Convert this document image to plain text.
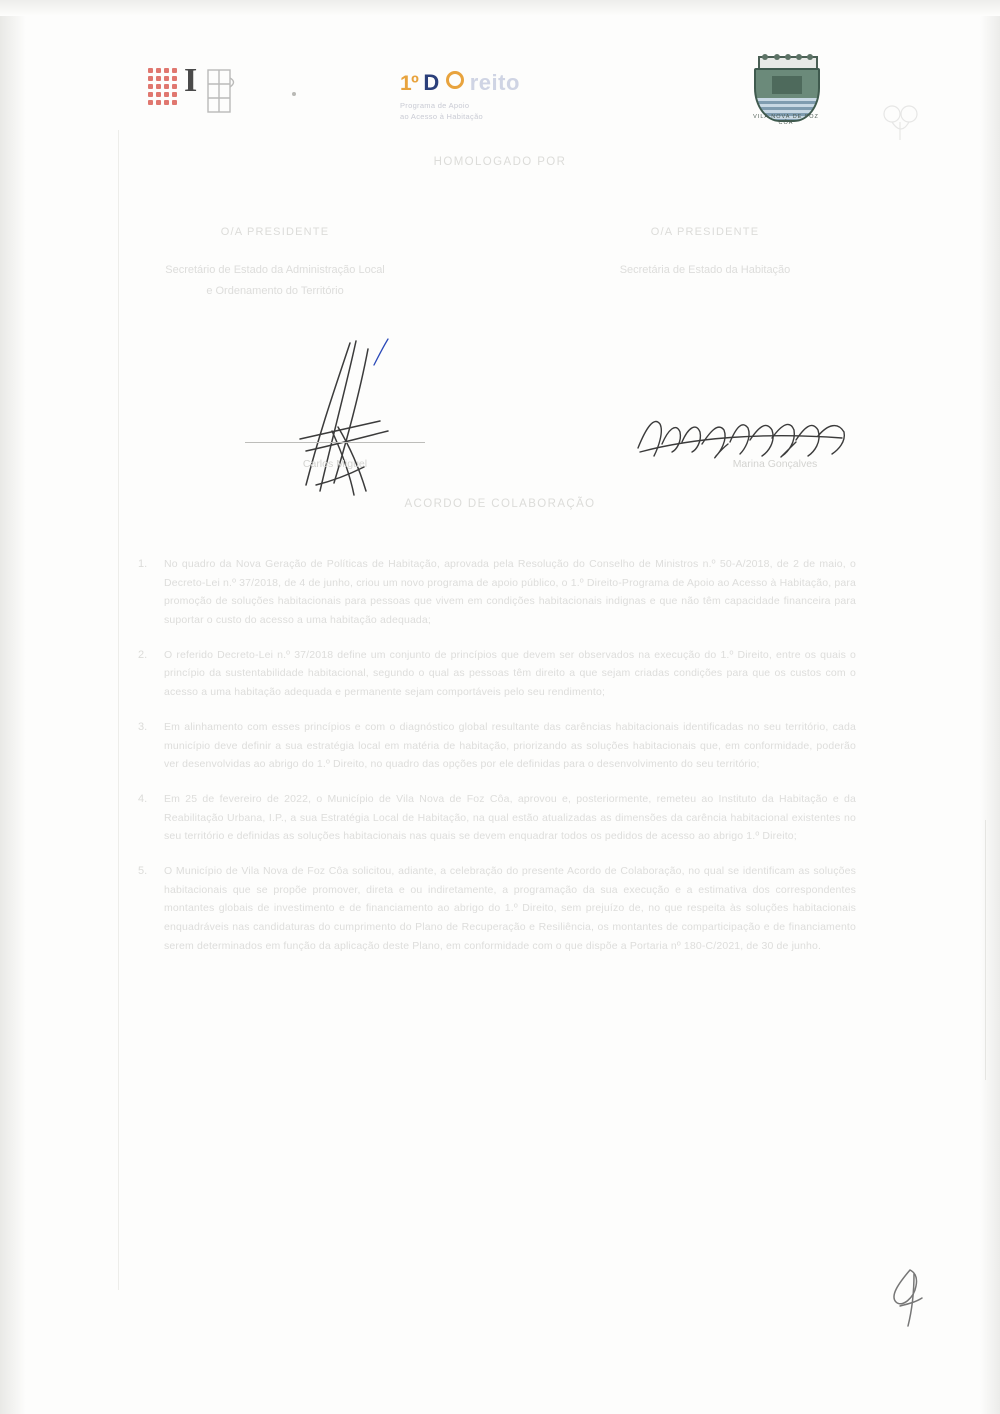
I	1º D reito
Programa de Apoio
ao Acesso à Habitação	VILA NOVA DE FOZ CÔA
HOMOLOGADO POR
O/A PRESIDENTE
Secretário de Estado da Administração Local
e Ordenamento do Território
O/A PRESIDENTE
Secretária de Estado da Habitação
Carlos Miguel	Marina Gonçalves
ACORDO DE COLABORAÇÃO
1.	No quadro da Nova Geração de Políticas de Habitação, aprovada pela Resolução do Conselho de Ministros n.º 50-A/2018, de 2 de maio, o Decreto-Lei n.º 37/2018, de 4 de junho, criou um novo programa de apoio público, o 1.º Direito-Programa de Apoio ao Acesso à Habitação, para promoção de soluções habitacionais para pessoas que vivem em condições habitacionais indignas e que não têm capacidade financeira para suportar o custo do acesso a uma habitação adequada;
2.	O referido Decreto-Lei n.º 37/2018 define um conjunto de princípios que devem ser observados na execução do 1.º Direito, entre os quais o princípio da sustentabilidade habitacional, segundo o qual as pessoas têm direito a que sejam criadas condições para que os custos com o acesso a uma habitação adequada e permanente sejam comportáveis pelo seu rendimento;
3.	Em alinhamento com esses princípios e com o diagnóstico global resultante das carências habitacionais identificadas no seu território, cada município deve definir a sua estratégia local em matéria de habitação, priorizando as soluções habitacionais que, em conformidade, poderão ver desenvolvidas ao abrigo do 1.º Direito, no quadro das opções por ele definidas para o desenvolvimento do seu território;
4.	Em 25 de fevereiro de 2022, o Município de Vila Nova de Foz Côa, aprovou e, posteriormente, remeteu ao Instituto da Habitação e da Reabilitação Urbana, I.P., a sua Estratégia Local de Habitação, na qual estão atualizadas as dimensões da carência habitacional existentes no seu território e definidas as soluções habitacionais nas quais se devem enquadrar todos os pedidos de acesso ao abrigo 1.º Direito;
5.	O Município de Vila Nova de Foz Côa solicitou, adiante, a celebração do presente Acordo de Colaboração, no qual se identificam as soluções habitacionais que se propõe promover, direta e ou indiretamente, a programação da sua execução e a estimativa dos correspondentes montantes globais de investimento e de financiamento ao abrigo do 1.º Direito, sem prejuízo de, no que respeita às soluções habitacionais enquadráveis nas candidaturas do cumprimento do Plano de Recuperação e Resiliência, os montantes de comparticipação e de financiamento serem determinados em função da aplicação deste Plano, em conformidade com o que dispõe a Portaria nº 180-C/2021, de 30 de junho.
